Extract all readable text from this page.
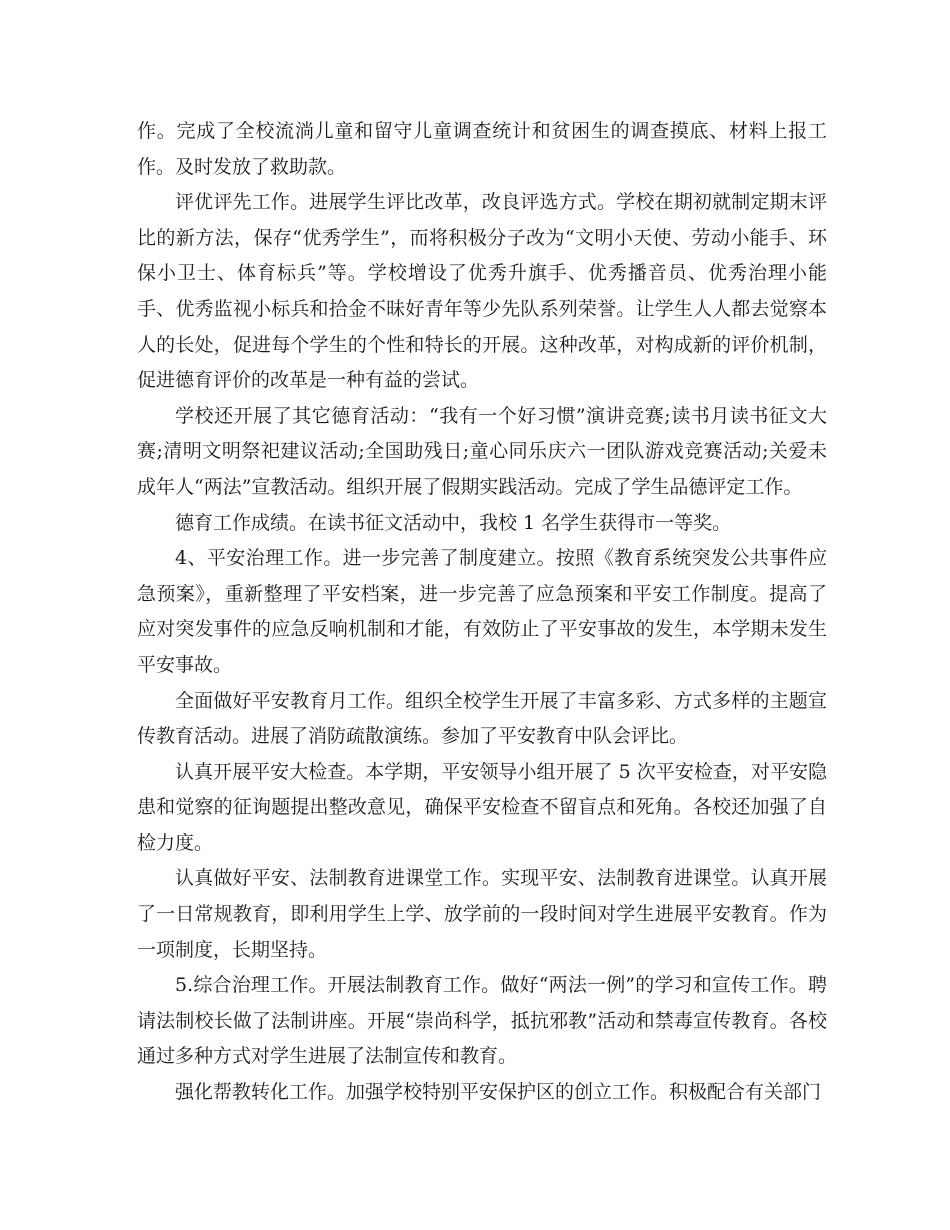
作。完成了全校流淌儿童和留守儿童调查统计和贫困生的调查摸底、材料上报工作。及时发放了救助款。

评优评先工作。进展学生评比改革，改良评选方式。学校在期初就制定期末评比的新方法，保存“优秀学生”，而将积极分子改为“文明小天使、劳动小能手、环保小卫士、体育标兵”等。学校增设了优秀升旗手、优秀播音员、优秀治理小能手、优秀监视小标兵和拾金不昧好青年等少先队系列荣誉。让学生人人都去觉察本人的长处，促进每个学生的个性和特长的开展。这种改革，对构成新的评价机制，促进德育评价的改革是一种有益的尝试。

学校还开展了其它德育活动：“我有一个好习惯”演讲竞赛;读书月读书征文大赛;清明文明祭祀建议活动;全国助残日;童心同乐庆六一团队游戏竞赛活动;关爱未成年人“两法”宣教活动。组织开展了假期实践活动。完成了学生品德评定工作。

德育工作成绩。在读书征文活动中，我校 1 名学生获得市一等奖。

4、平安治理工作。进一步完善了制度建立。按照《教育系统突发公共事件应急预案》，重新整理了平安档案，进一步完善了应急预案和平安工作制度。提高了应对突发事件的应急反响机制和才能，有效防止了平安事故的发生，本学期未发生平安事故。

全面做好平安教育月工作。组织全校学生开展了丰富多彩、方式多样的主题宣传教育活动。进展了消防疏散演练。参加了平安教育中队会评比。

认真开展平安大检查。本学期，平安领导小组开展了 5 次平安检查，对平安隐患和觉察的征询题提出整改意见，确保平安检查不留盲点和死角。各校还加强了自检力度。

认真做好平安、法制教育进课堂工作。实现平安、法制教育进课堂。认真开展了一日常规教育，即利用学生上学、放学前的一段时间对学生进展平安教育。作为一项制度，长期坚持。

5.综合治理工作。开展法制教育工作。做好“两法一例”的学习和宣传工作。聘请法制校长做了法制讲座。开展“崇尚科学，抵抗邪教”活动和禁毒宣传教育。各校通过多种方式对学生进展了法制宣传和教育。

强化帮教转化工作。加强学校特别平安保护区的创立工作。积极配合有关部门
